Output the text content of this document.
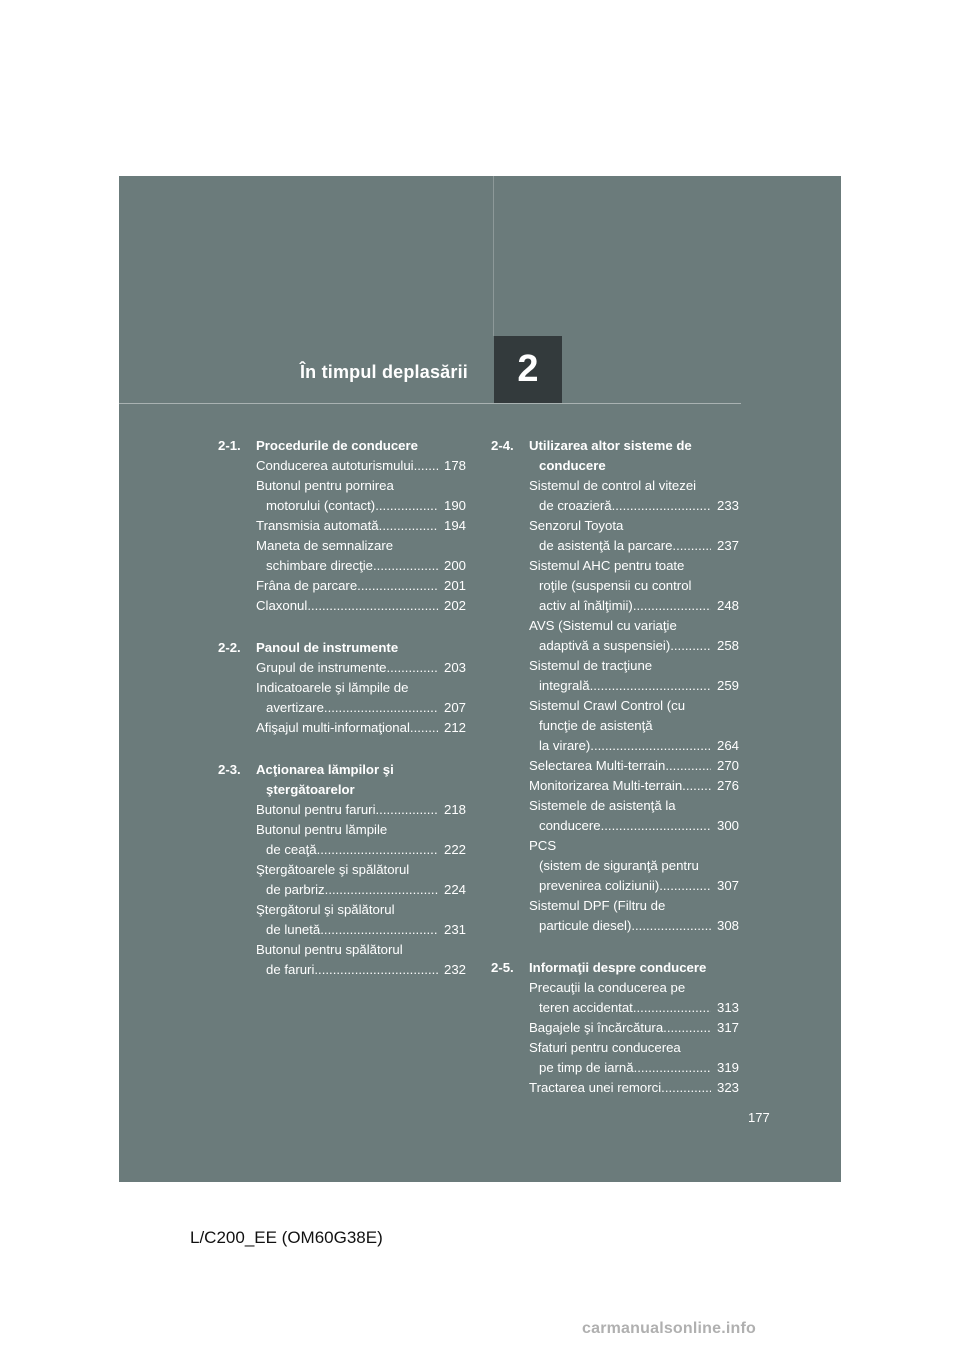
În timpul deplasării 2
2-1.	Procedurile de conducere
Conducerea autoturismului .....	178
Butonul pentru pornirea
motorului (contact) .....	190
Transmisia automată .....	194
Maneta de semnalizare
schimbare direcţie .....	200
Frâna de parcare .....	201
Claxonul .....	202
2-2.	Panoul de instrumente
Grupul de instrumente .....	203
Indicatoarele şi lămpile de
avertizare .....	207
Afişajul multi-informaţional .....	212
2-3.	Acţionarea lămpilor şi
ştergătoarelor
Butonul pentru faruri .....	218
Butonul pentru lămpile
de ceaţă .....	222
Ştergătoarele şi spălătorul
de parbriz .....	224
Ştergătorul şi spălătorul
de lunetă .....	231
Butonul pentru spălătorul
de faruri .....	232
2-4.	Utilizarea altor sisteme de
conducere
Sistemul de control al vitezei
de croazieră .....	233
Senzorul Toyota
de asistenţă la parcare .....	237
Sistemul AHC pentru toate
roţile (suspensii cu control
activ al înălţimii) .....	248
AVS (Sistemul cu variaţie
adaptivă a suspensiei) .....	258
Sistemul de tracţiune
integrală .....	259
Sistemul Crawl Control (cu
funcţie de asistenţă
la virare) .....	264
Selectarea Multi-terrain .....	270
Monitorizarea Multi-terrain .....	276
Sistemele de asistenţă la
conducere .....	300
PCS
(sistem de siguranţă pentru
prevenirea coliziunii) .....	307
Sistemul DPF (Filtru de
particule diesel) .....	308
2-5.	Informaţii despre conducere
Precauţii la conducerea pe
teren accidentat .....	313
Bagajele şi încărcătura .....	317
Sfaturi pentru conducerea
pe timp de iarnă .....	319
Tractarea unei remorci .....	323
177
L/C200_EE (OM60G38E)
carmanualsonline.info
